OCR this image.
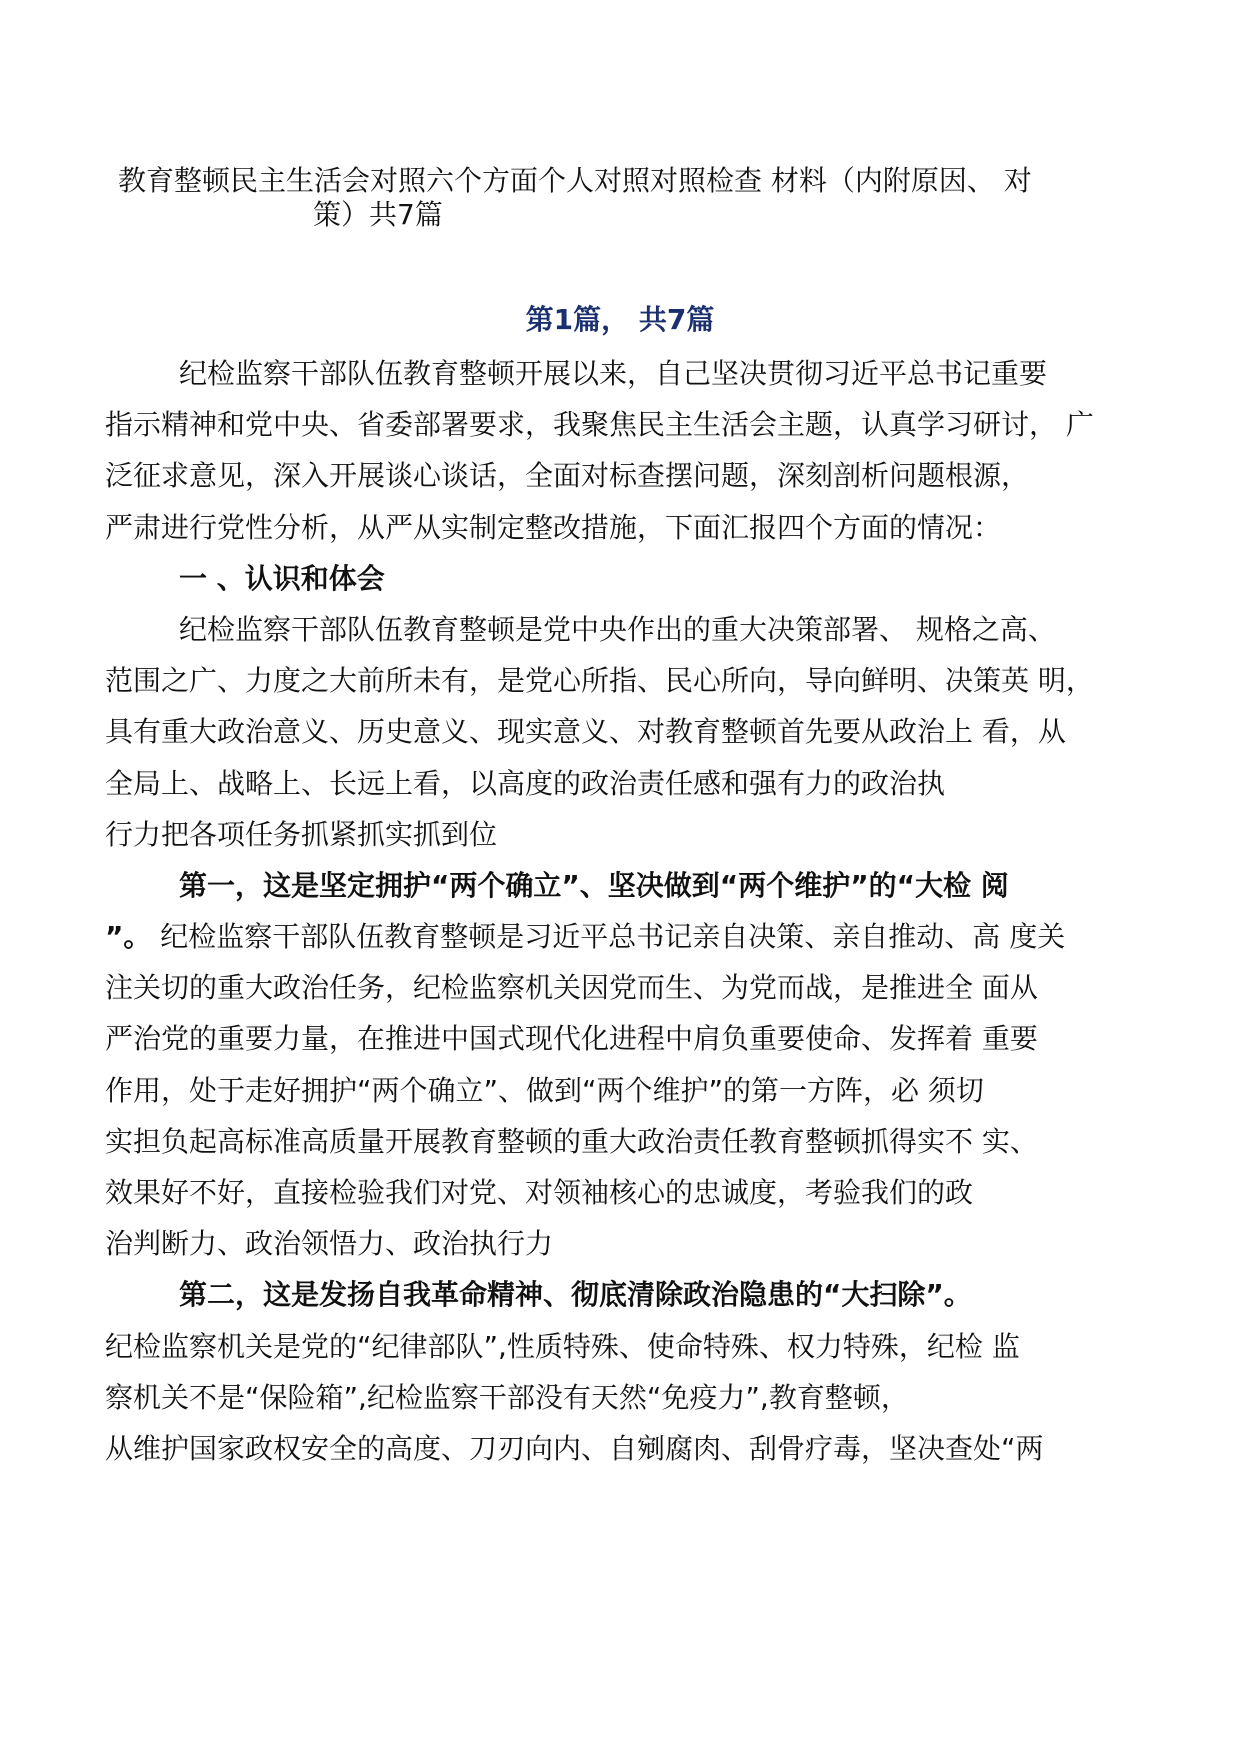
教育整顿民主生活会对照六个方面个人对照对照检查 材料（内附原因、 对
策）共7篇
第1篇， 共7篇
纪检监察干部队伍教育整顿开展以来，自己坚决贯彻习近平总书记重要
指示精神和党中央、省委部署要求，我聚焦民主生活会主题，认真学习研讨， 广
泛征求意见，深入开展谈心谈话，全面对标查摆问题，深刻剖析问题根源，
严肃进行党性分析，从严从实制定整改措施，下面汇报四个方面的情况：
一 、认识和体会
纪检监察干部队伍教育整顿是党中央作出的重大决策部署、 规格之高、
范围之广、力度之大前所未有，是党心所指、民心所向，导向鲜明、决策英 明，
具有重大政治意义、历史意义、现实意义、对教育整顿首先要从政治上 看，从
全局上、战略上、长远上看，以高度的政治责任感和强有力的政治执
行力把各项任务抓紧抓实抓到位
第一，这是坚定拥护“两个确立”、坚决做到“两个维护”的“大检 阅
”。 纪检监察干部队伍教育整顿是习近平总书记亲自决策、亲自推动、高 度关
注关切的重大政治任务，纪检监察机关因党而生、为党而战，是推进全 面从
严治党的重要力量，在推进中国式现代化进程中肩负重要使命、发挥着 重要
作用，处于走好拥护“两个确立”、做到“两个维护”的第一方阵，必 须切
实担负起高标准高质量开展教育整顿的重大政治责任教育整顿抓得实不 实、
效果好不好，直接检验我们对党、对领袖核心的忠诚度，考验我们的政
治判断力、政治领悟力、政治执行力
第二，这是发扬自我革命精神、彻底清除政治隐患的“大扫除”。
纪检监察机关是党的“纪律部队”,性质特殊、使命特殊、权力特殊，纪检 监
察机关不是“保险箱”,纪检监察干部没有天然“免疫力”,教育整顿，
从维护国家政权安全的高度、刀刃向内、自剜腐肉、刮骨疗毒，坚决查处“两
